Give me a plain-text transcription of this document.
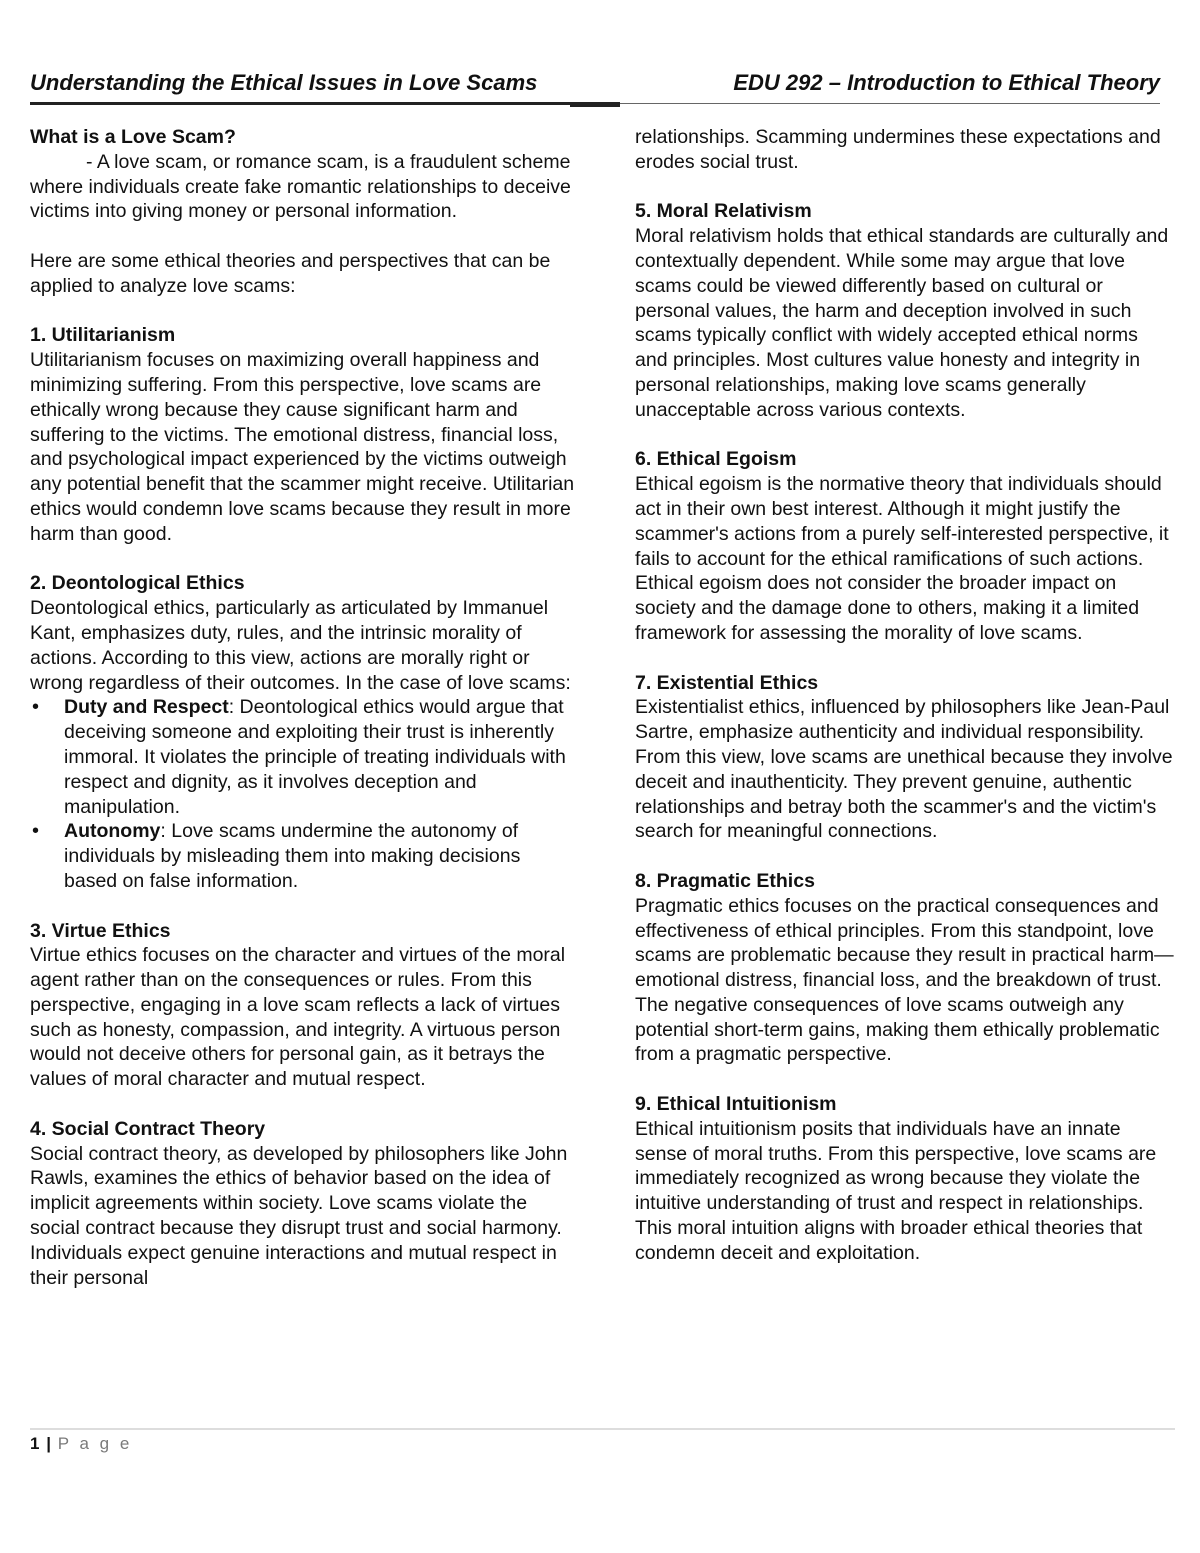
Understanding the Ethical Issues in Love Scams	EDU 292 – Introduction to Ethical Theory

What is a Love Scam?

- A love scam, or romance scam, is a fraudulent scheme where individuals create fake romantic relationships to deceive victims into giving money or personal information.

Here are some ethical theories and perspectives that can be applied to analyze love scams:

1. Utilitarianism

Utilitarianism focuses on maximizing overall happiness and minimizing suffering. From this perspective, love scams are ethically wrong because they cause significant harm and suffering to the victims. The emotional distress, financial loss, and psychological impact experienced by the victims outweigh any potential benefit that the scammer might receive. Utilitarian ethics would condemn love scams because they result in more harm than good.

2. Deontological Ethics

Deontological ethics, particularly as articulated by Immanuel Kant, emphasizes duty, rules, and the intrinsic morality of actions. According to this view, actions are morally right or wrong regardless of their outcomes. In the case of love scams:

• Duty and Respect: Deontological ethics would argue that deceiving someone and exploiting their trust is inherently immoral. It violates the principle of treating individuals with respect and dignity, as it involves deception and manipulation.
• Autonomy: Love scams undermine the autonomy of individuals by misleading them into making decisions based on false information.

3. Virtue Ethics

Virtue ethics focuses on the character and virtues of the moral agent rather than on the consequences or rules. From this perspective, engaging in a love scam reflects a lack of virtues such as honesty, compassion, and integrity. A virtuous person would not deceive others for personal gain, as it betrays the values of moral character and mutual respect.

4. Social Contract Theory

Social contract theory, as developed by philosophers like John Rawls, examines the ethics of behavior based on the idea of implicit agreements within society. Love scams violate the social contract because they disrupt trust and social harmony. Individuals expect genuine interactions and mutual respect in their personal

relationships. Scamming undermines these expectations and erodes social trust.

5. Moral Relativism

Moral relativism holds that ethical standards are culturally and contextually dependent. While some may argue that love scams could be viewed differently based on cultural or personal values, the harm and deception involved in such scams typically conflict with widely accepted ethical norms and principles. Most cultures value honesty and integrity in personal relationships, making love scams generally unacceptable across various contexts.

6. Ethical Egoism

Ethical egoism is the normative theory that individuals should act in their own best interest. Although it might justify the scammer's actions from a purely self-interested perspective, it fails to account for the ethical ramifications of such actions. Ethical egoism does not consider the broader impact on society and the damage done to others, making it a limited framework for assessing the morality of love scams.

7. Existential Ethics

Existentialist ethics, influenced by philosophers like Jean-Paul Sartre, emphasize authenticity and individual responsibility. From this view, love scams are unethical because they involve deceit and inauthenticity. They prevent genuine, authentic relationships and betray both the scammer's and the victim's search for meaningful connections.

8. Pragmatic Ethics

Pragmatic ethics focuses on the practical consequences and effectiveness of ethical principles. From this standpoint, love scams are problematic because they result in practical harm—emotional distress, financial loss, and the breakdown of trust. The negative consequences of love scams outweigh any potential short-term gains, making them ethically problematic from a pragmatic perspective.

9. Ethical Intuitionism

Ethical intuitionism posits that individuals have an innate sense of moral truths. From this perspective, love scams are immediately recognized as wrong because they violate the intuitive understanding of trust and respect in relationships. This moral intuition aligns with broader ethical theories that condemn deceit and exploitation.

1 | P a g e
